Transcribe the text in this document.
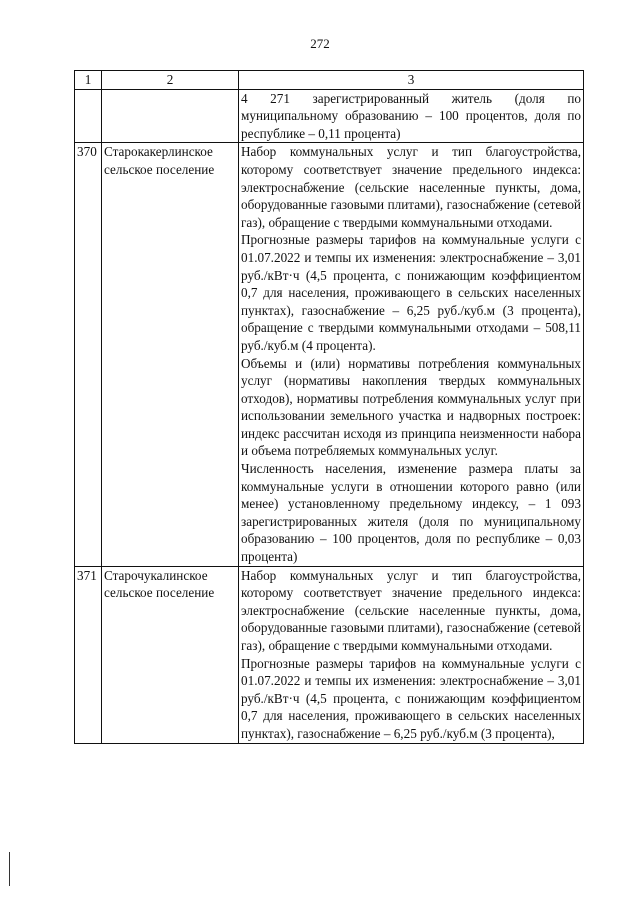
272
1	2	3

		4 271 зарегистрированный житель (доля по муниципальному образованию – 100 процентов, доля по республике – 0,11 процента)

370	Старокакерлинское сельское поселение	Набор коммунальных услуг и тип благоустройства, которому соответствует значение предельного индекса: электроснабжение (сельские населенные пункты, дома, оборудованные газовыми плитами), газоснабжение (сетевой газ), обращение с твердыми коммунальными отходами.

Прогнозные размеры тарифов на коммунальные услуги с 01.07.2022 и темпы их изменения: электроснабжение – 3,01 руб./кВт·ч (4,5 процента, с понижающим коэффициентом 0,7 для населения, проживающего в сельских населенных пунктах), газоснабжение – 6,25 руб./куб.м (3 процента), обращение с твердыми коммунальными отходами – 508,11 руб./куб.м (4 процента).

Объемы и (или) нормативы потребления коммунальных услуг (нормативы накопления твердых коммунальных отходов), нормативы потребления коммунальных услуг при использовании земельного участка и надворных построек: индекс рассчитан исходя из принципа неизменности набора и объема потребляемых коммунальных услуг.

Численность населения, изменение размера платы за коммунальные услуги в отношении которого равно (или менее) установленному предельному индексу, – 1 093 зарегистрированных жителя (доля по муниципальному образованию – 100 процентов, доля по республике – 0,03 процента)

371	Старочукалинское сельское поселение	Набор коммунальных услуг и тип благоустройства, которому соответствует значение предельного индекса: электроснабжение (сельские населенные пункты, дома, оборудованные газовыми плитами), газоснабжение (сетевой газ), обращение с твердыми коммунальными отходами.

Прогнозные размеры тарифов на коммунальные услуги с 01.07.2022 и темпы их изменения: электроснабжение – 3,01 руб./кВт·ч (4,5 процента, с понижающим коэффициентом 0,7 для населения, проживающего в сельских населенных пунктах), газоснабжение – 6,25 руб./куб.м (3 процента),
